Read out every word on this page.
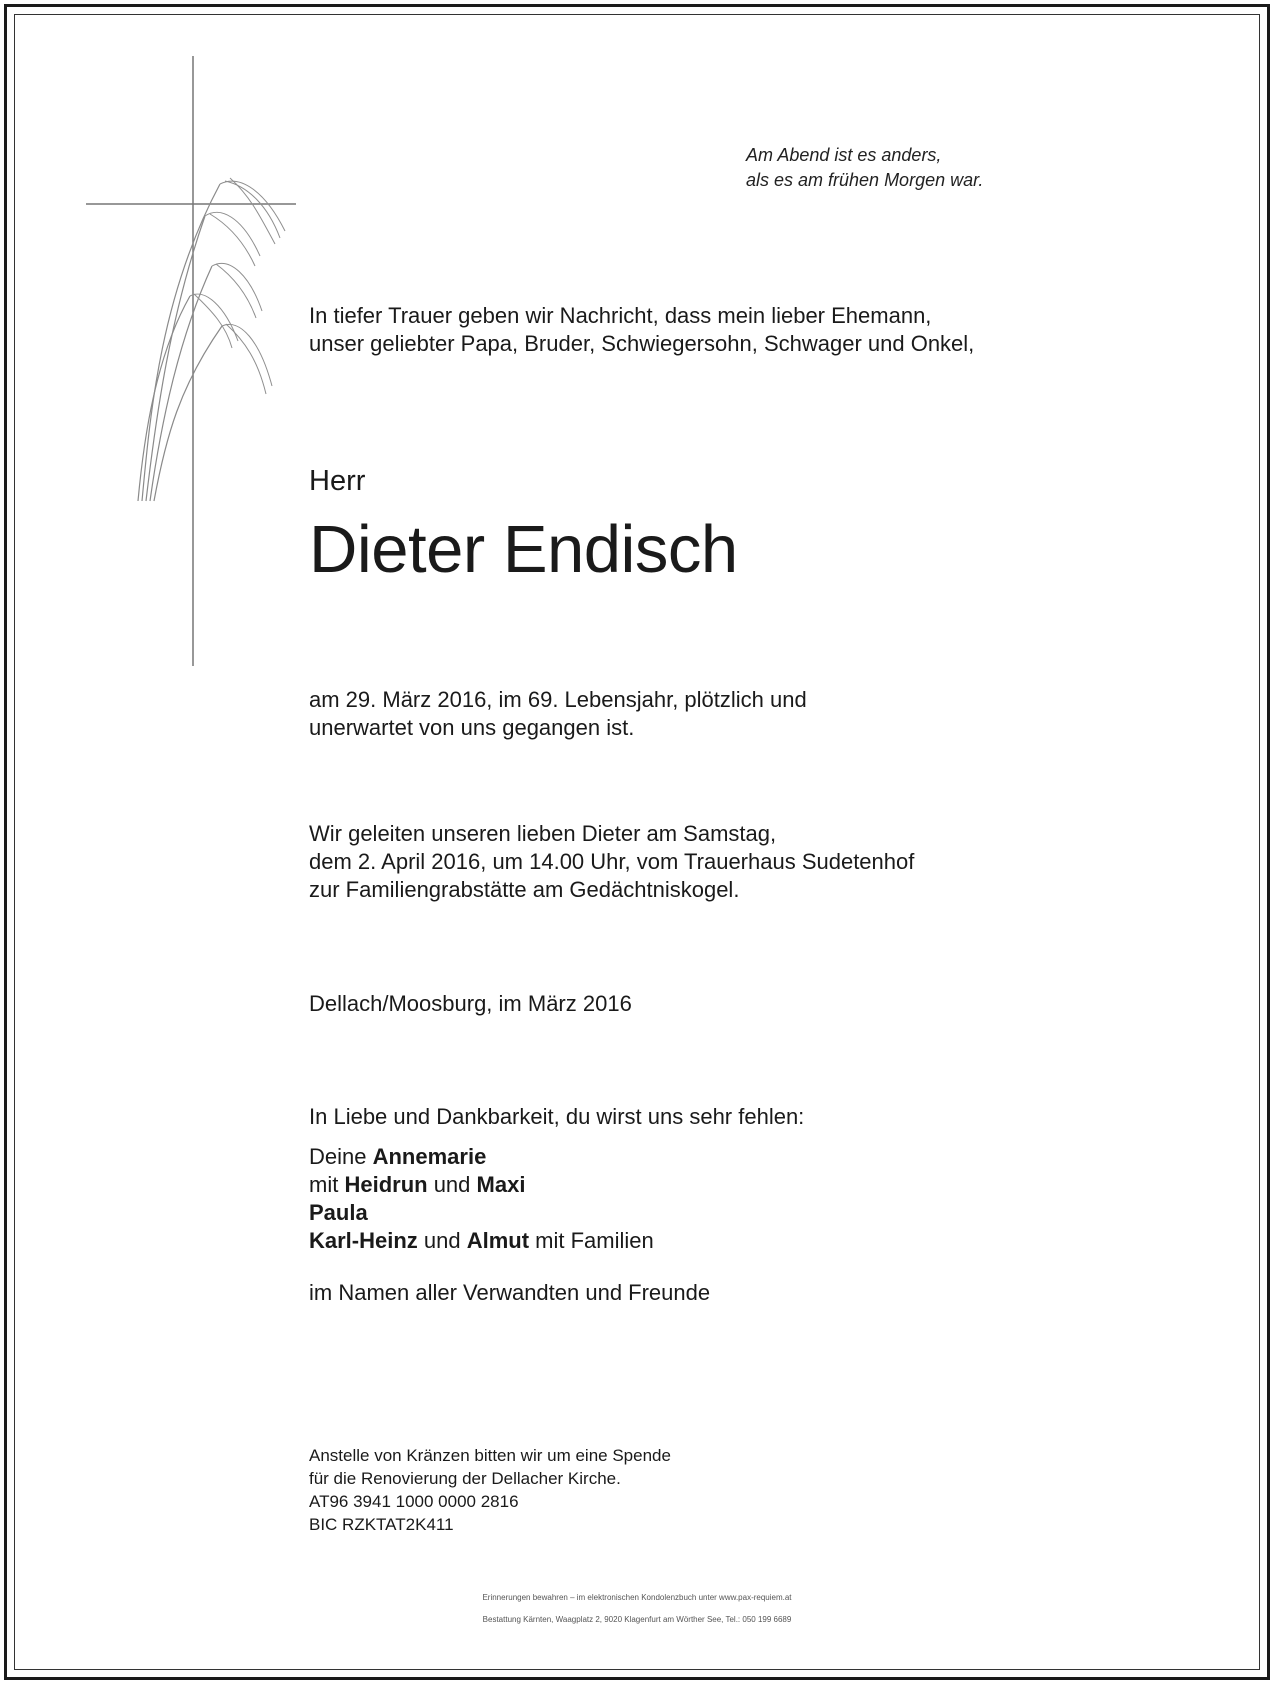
Am Abend ist es anders,
als es am frühen Morgen war.
In tiefer Trauer geben wir Nachricht, dass mein lieber Ehemann,
unser geliebter Papa, Bruder, Schwiegersohn, Schwager und Onkel,
Herr
Dieter Endisch
am 29. März 2016, im 69. Lebensjahr, plötzlich und
unerwartet von uns gegangen ist.
Wir geleiten unseren lieben Dieter am Samstag,
dem 2. April 2016, um 14.00 Uhr, vom Trauerhaus Sudetenhof
zur Familiengrabstätte am Gedächtniskogel.
Dellach/Moosburg, im März 2016
In Liebe und Dankbarkeit, du wirst uns sehr fehlen:
Deine Annemarie
mit Heidrun und Maxi
Paula
Karl-Heinz und Almut mit Familien
im Namen aller Verwandten und Freunde
Anstelle von Kränzen bitten wir um eine Spende
für die Renovierung der Dellacher Kirche.
AT96 3941 1000 0000 2816
BIC RZKTAT2K411
Erinnerungen bewahren – im elektronischen Kondolenzbuch unter www.pax-requiem.at
Bestattung Kärnten, Waagplatz 2, 9020 Klagenfurt am Wörther See, Tel.: 050 199 6689
